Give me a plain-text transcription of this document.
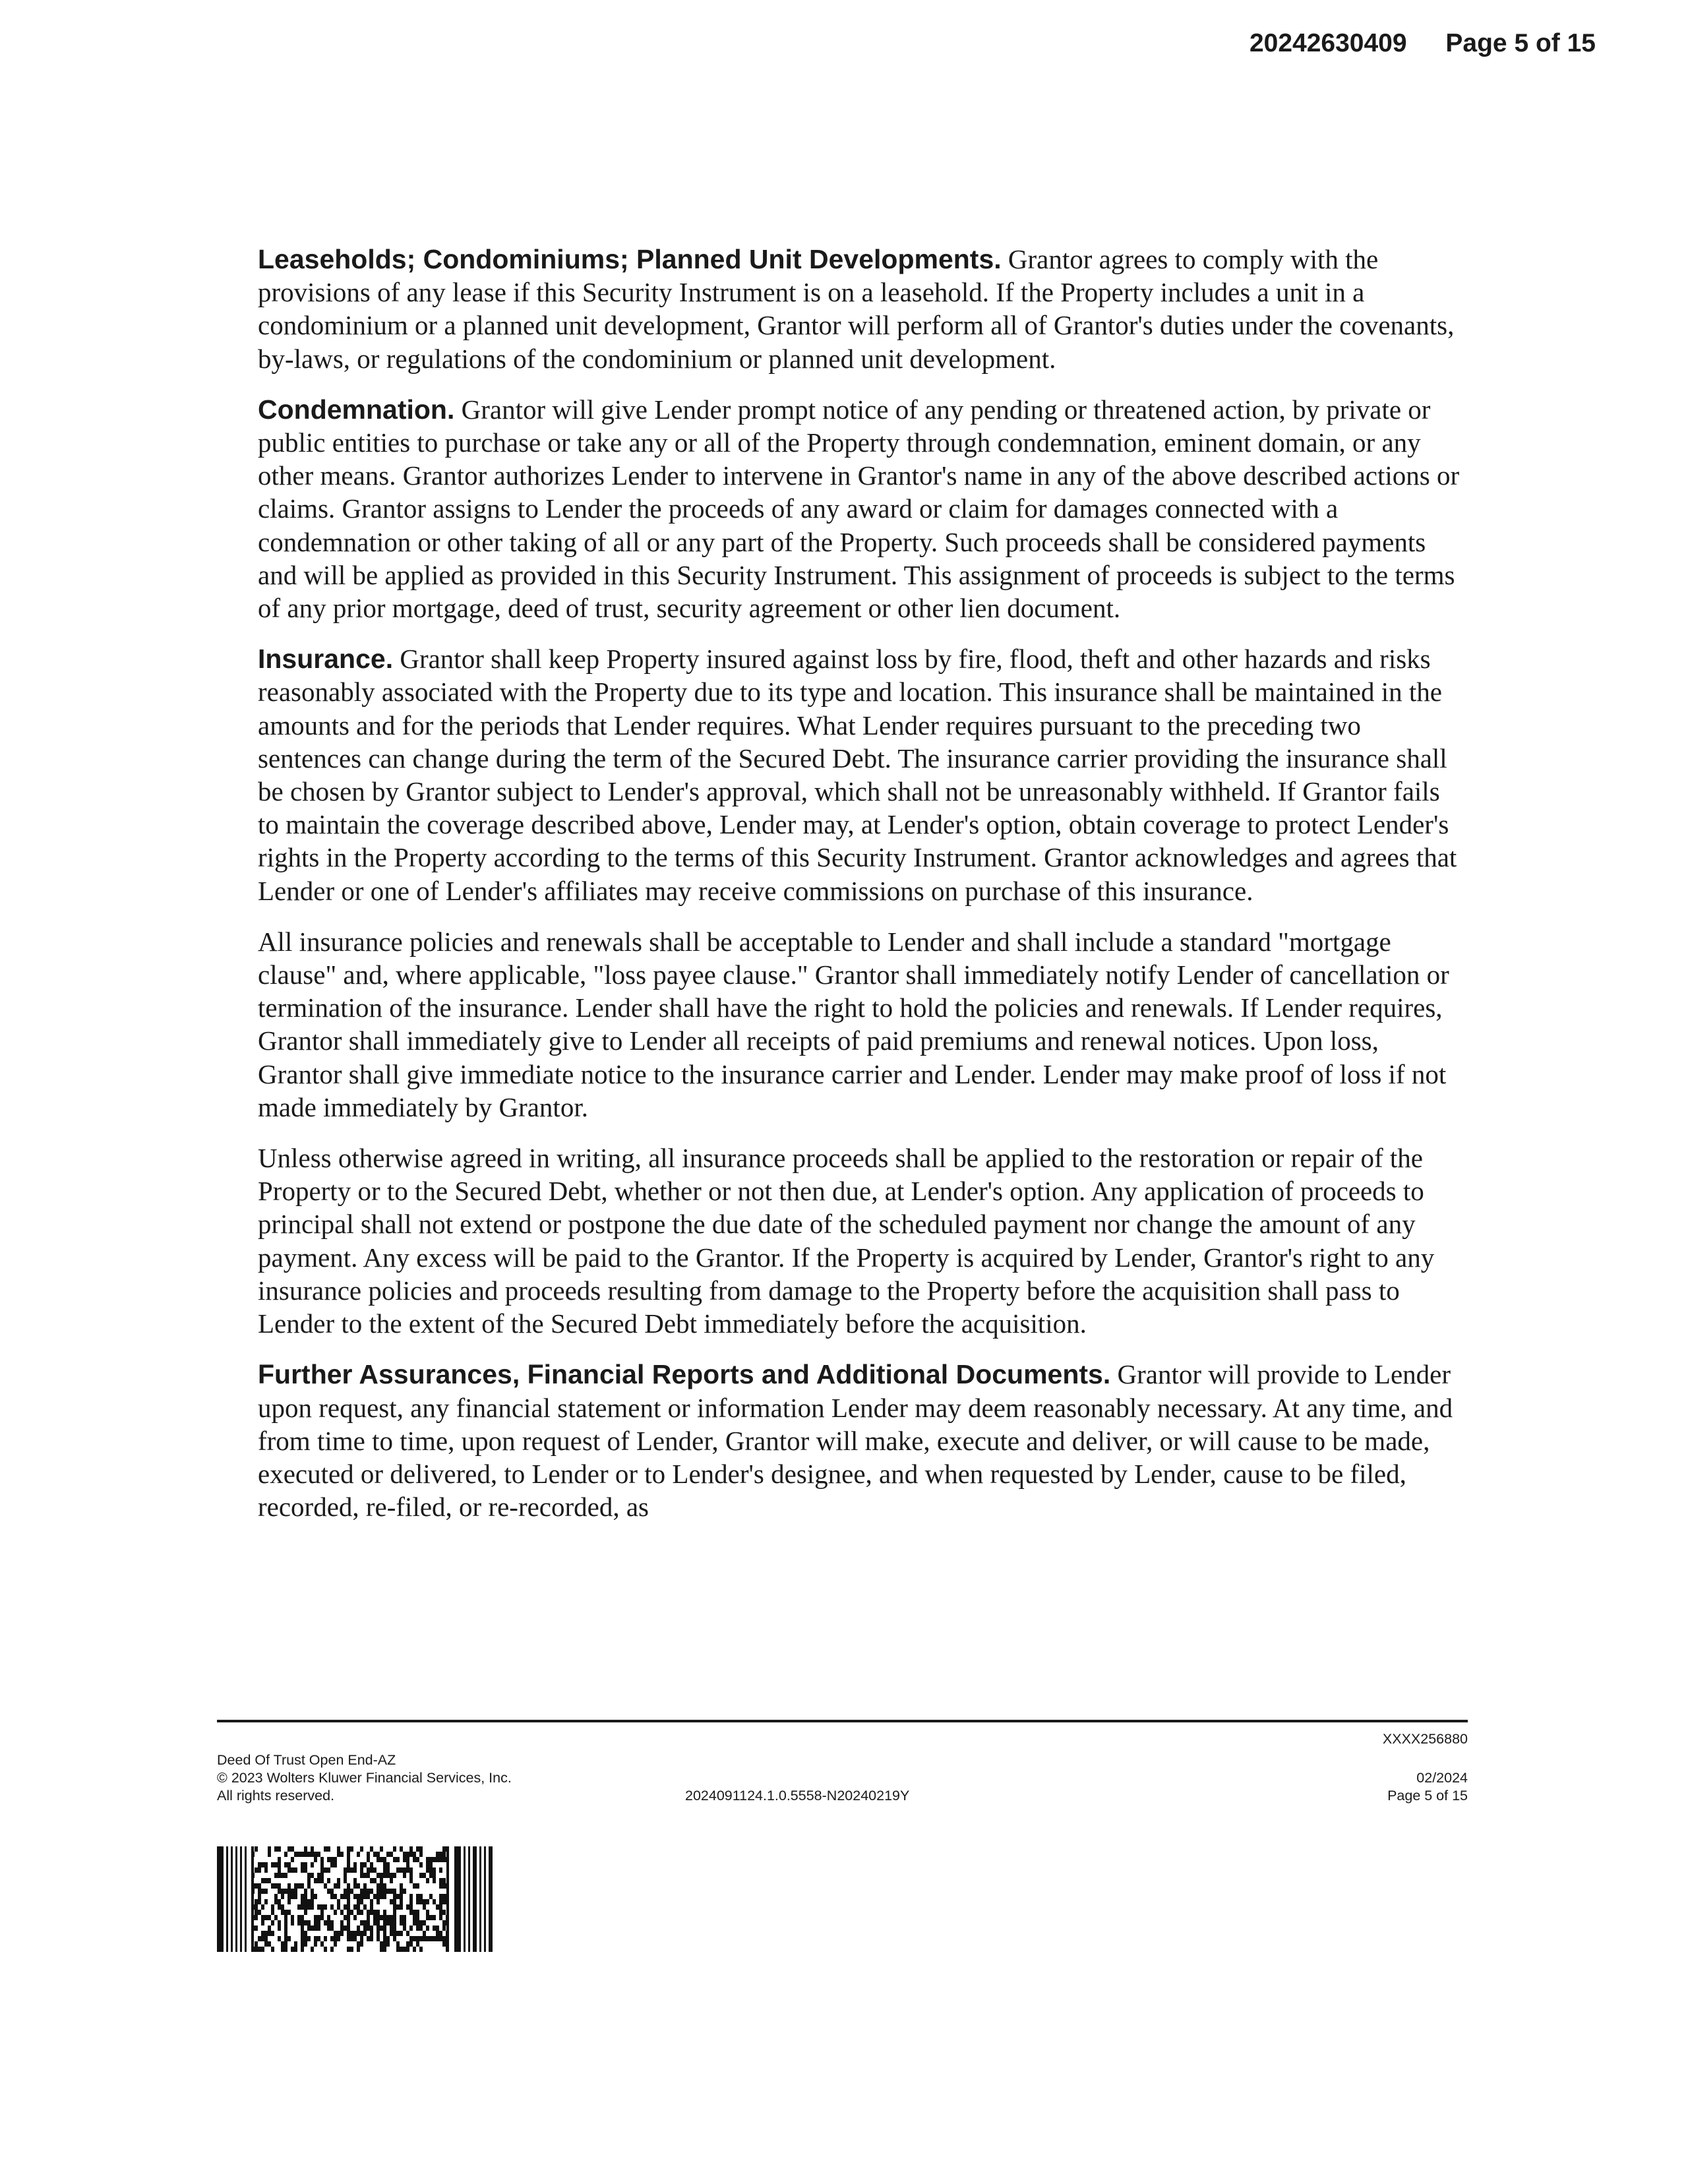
20242630409 Page 5 of 15

Leaseholds; Condominiums; Planned Unit Developments. Grantor agrees to comply with the provisions of any lease if this Security Instrument is on a leasehold. If the Property includes a unit in a condominium or a planned unit development, Grantor will perform all of Grantor's duties under the covenants, by-laws, or regulations of the condominium or planned unit development.

Condemnation. Grantor will give Lender prompt notice of any pending or threatened action, by private or public entities to purchase or take any or all of the Property through condemnation, eminent domain, or any other means. Grantor authorizes Lender to intervene in Grantor's name in any of the above described actions or claims. Grantor assigns to Lender the proceeds of any award or claim for damages connected with a condemnation or other taking of all or any part of the Property. Such proceeds shall be considered payments and will be applied as provided in this Security Instrument. This assignment of proceeds is subject to the terms of any prior mortgage, deed of trust, security agreement or other lien document.

Insurance. Grantor shall keep Property insured against loss by fire, flood, theft and other hazards and risks reasonably associated with the Property due to its type and location. This insurance shall be maintained in the amounts and for the periods that Lender requires. What Lender requires pursuant to the preceding two sentences can change during the term of the Secured Debt. The insurance carrier providing the insurance shall be chosen by Grantor subject to Lender's approval, which shall not be unreasonably withheld. If Grantor fails to maintain the coverage described above, Lender may, at Lender's option, obtain coverage to protect Lender's rights in the Property according to the terms of this Security Instrument. Grantor acknowledges and agrees that Lender or one of Lender's affiliates may receive commissions on purchase of this insurance.

All insurance policies and renewals shall be acceptable to Lender and shall include a standard "mortgage clause" and, where applicable, "loss payee clause." Grantor shall immediately notify Lender of cancellation or termination of the insurance. Lender shall have the right to hold the policies and renewals. If Lender requires, Grantor shall immediately give to Lender all receipts of paid premiums and renewal notices. Upon loss, Grantor shall give immediate notice to the insurance carrier and Lender. Lender may make proof of loss if not made immediately by Grantor.

Unless otherwise agreed in writing, all insurance proceeds shall be applied to the restoration or repair of the Property or to the Secured Debt, whether or not then due, at Lender's option. Any application of proceeds to principal shall not extend or postpone the due date of the scheduled payment nor change the amount of any payment. Any excess will be paid to the Grantor. If the Property is acquired by Lender, Grantor's right to any insurance policies and proceeds resulting from damage to the Property before the acquisition shall pass to Lender to the extent of the Secured Debt immediately before the acquisition.

Further Assurances, Financial Reports and Additional Documents. Grantor will provide to Lender upon request, any financial statement or information Lender may deem reasonably necessary. At any time, and from time to time, upon request of Lender, Grantor will make, execute and deliver, or will cause to be made, executed or delivered, to Lender or to Lender's designee, and when requested by Lender, cause to be filed, recorded, re-filed, or re-recorded, as

Deed Of Trust Open End-AZ
© 2023 Wolters Kluwer Financial Services, Inc.
All rights reserved.	2024091124.1.0.5558-N20240219Y
XXXX256880
02/2024
Page 5 of 15
